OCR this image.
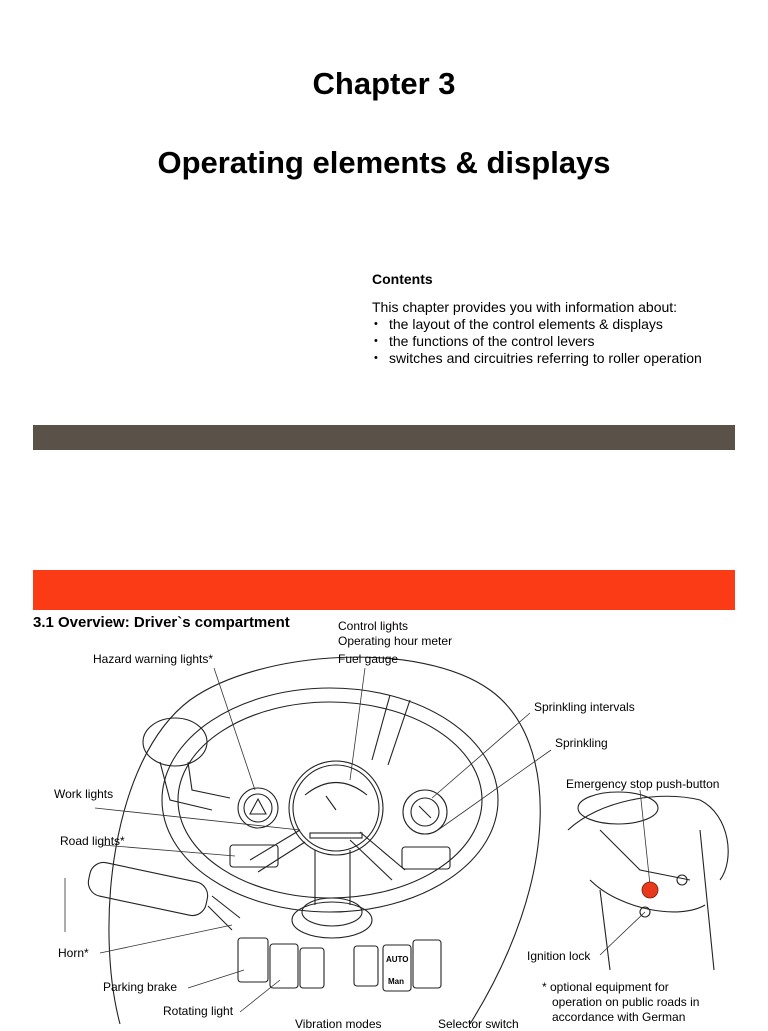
Chapter 3
Operating elements & displays
Contents
This chapter provides you with information about:
• the layout of the control elements & displays
• the functions of the control levers
• switches and circuitries referring to roller operation
3.1 Overview: Driver`s compartment
AUTO
Man
Control lights
Operating hour meter
Fuel gauge
Hazard warning lights*
Sprinkling intervals
Sprinkling
Emergency stop push-button
Work lights
Road lights*
Horn*	Ignition lock
Parking brake
Rotating light
Vibration modes	Selector switch
* optional equipment for
operation on public roads in
accordance with German
